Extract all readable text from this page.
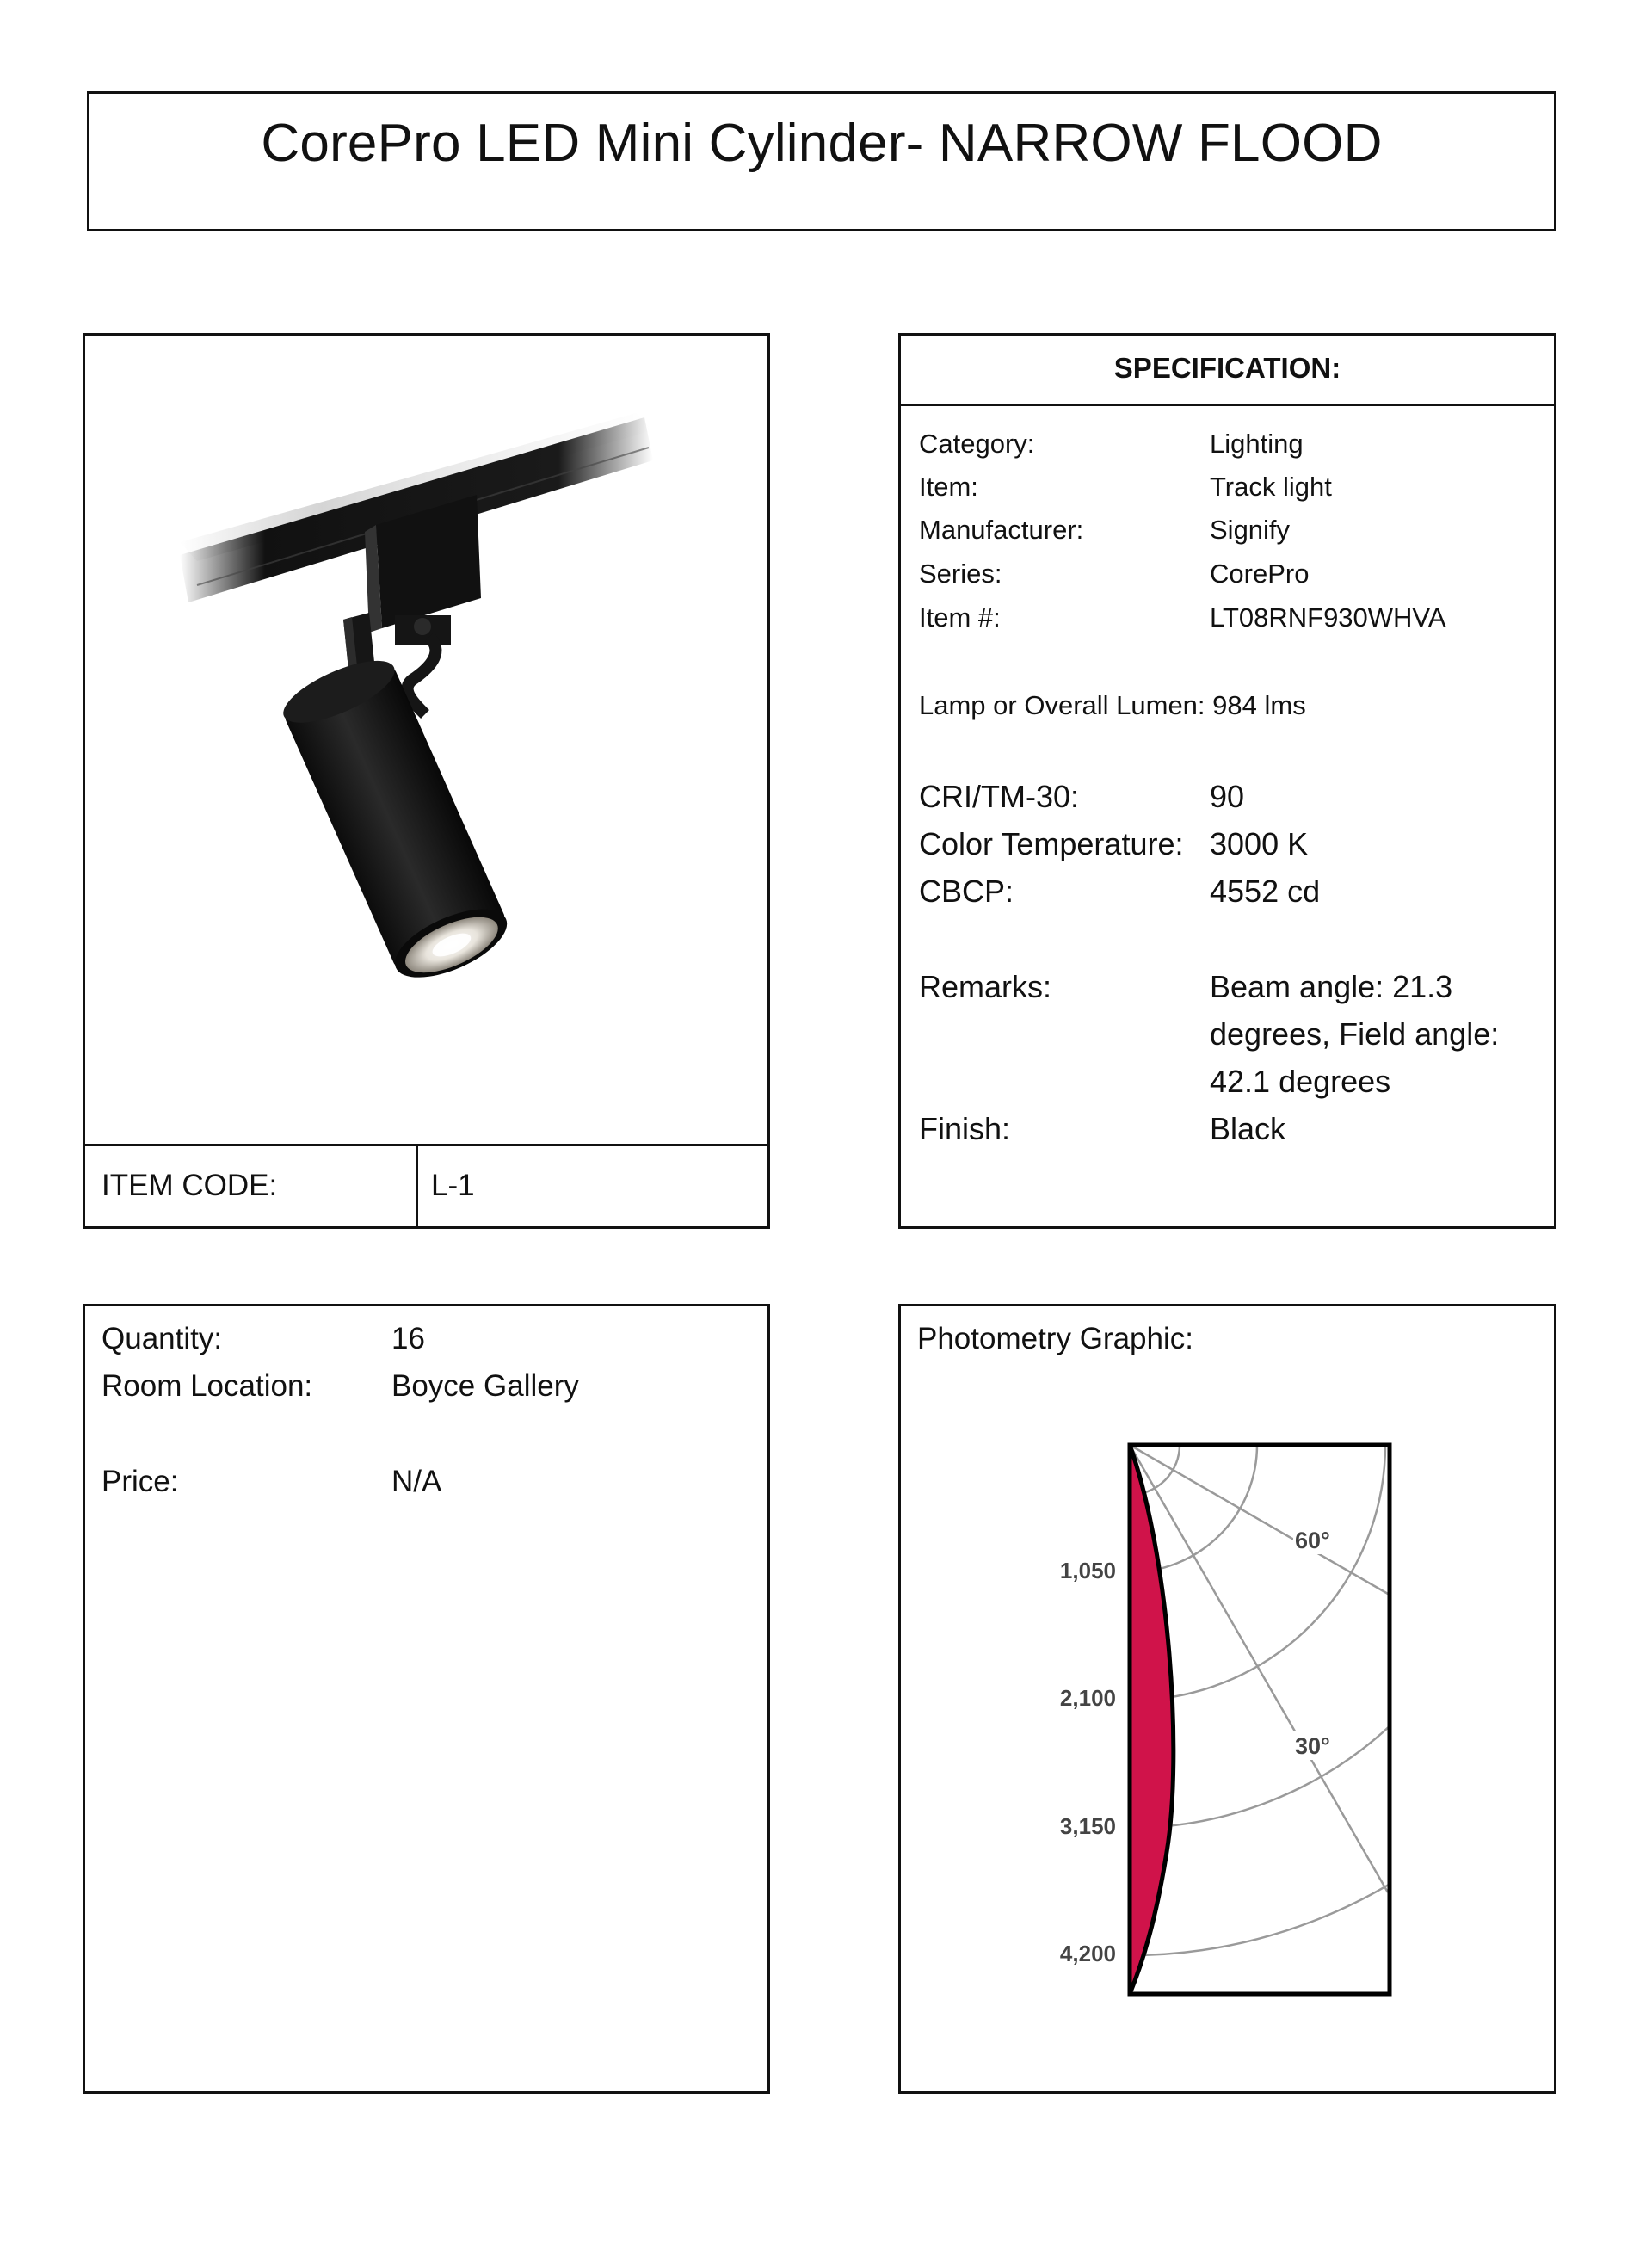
CorePro LED Mini Cylinder- NARROW FLOOD
ITEM CODE:	L-1
SPECIFICATION:
Category:	Lighting
Item:	Track light
Manufacturer:	Signify
Series:	CorePro
Item #:	LT08RNF930WHVA
Lamp or Overall Lumen: 984 lms
CRI/TM-30:	90
Color Temperature: 3000 K
CBCP:	4552 cd
Remarks:	Beam angle: 21.3
degrees, Field angle:
42.1 degrees
Finish:	Black
Quantity:	16
Room Location:	Boyce Gallery
Price:	N/A
Photometry Graphic:
1,050
2,100
3,150
4,200
60°
30°
